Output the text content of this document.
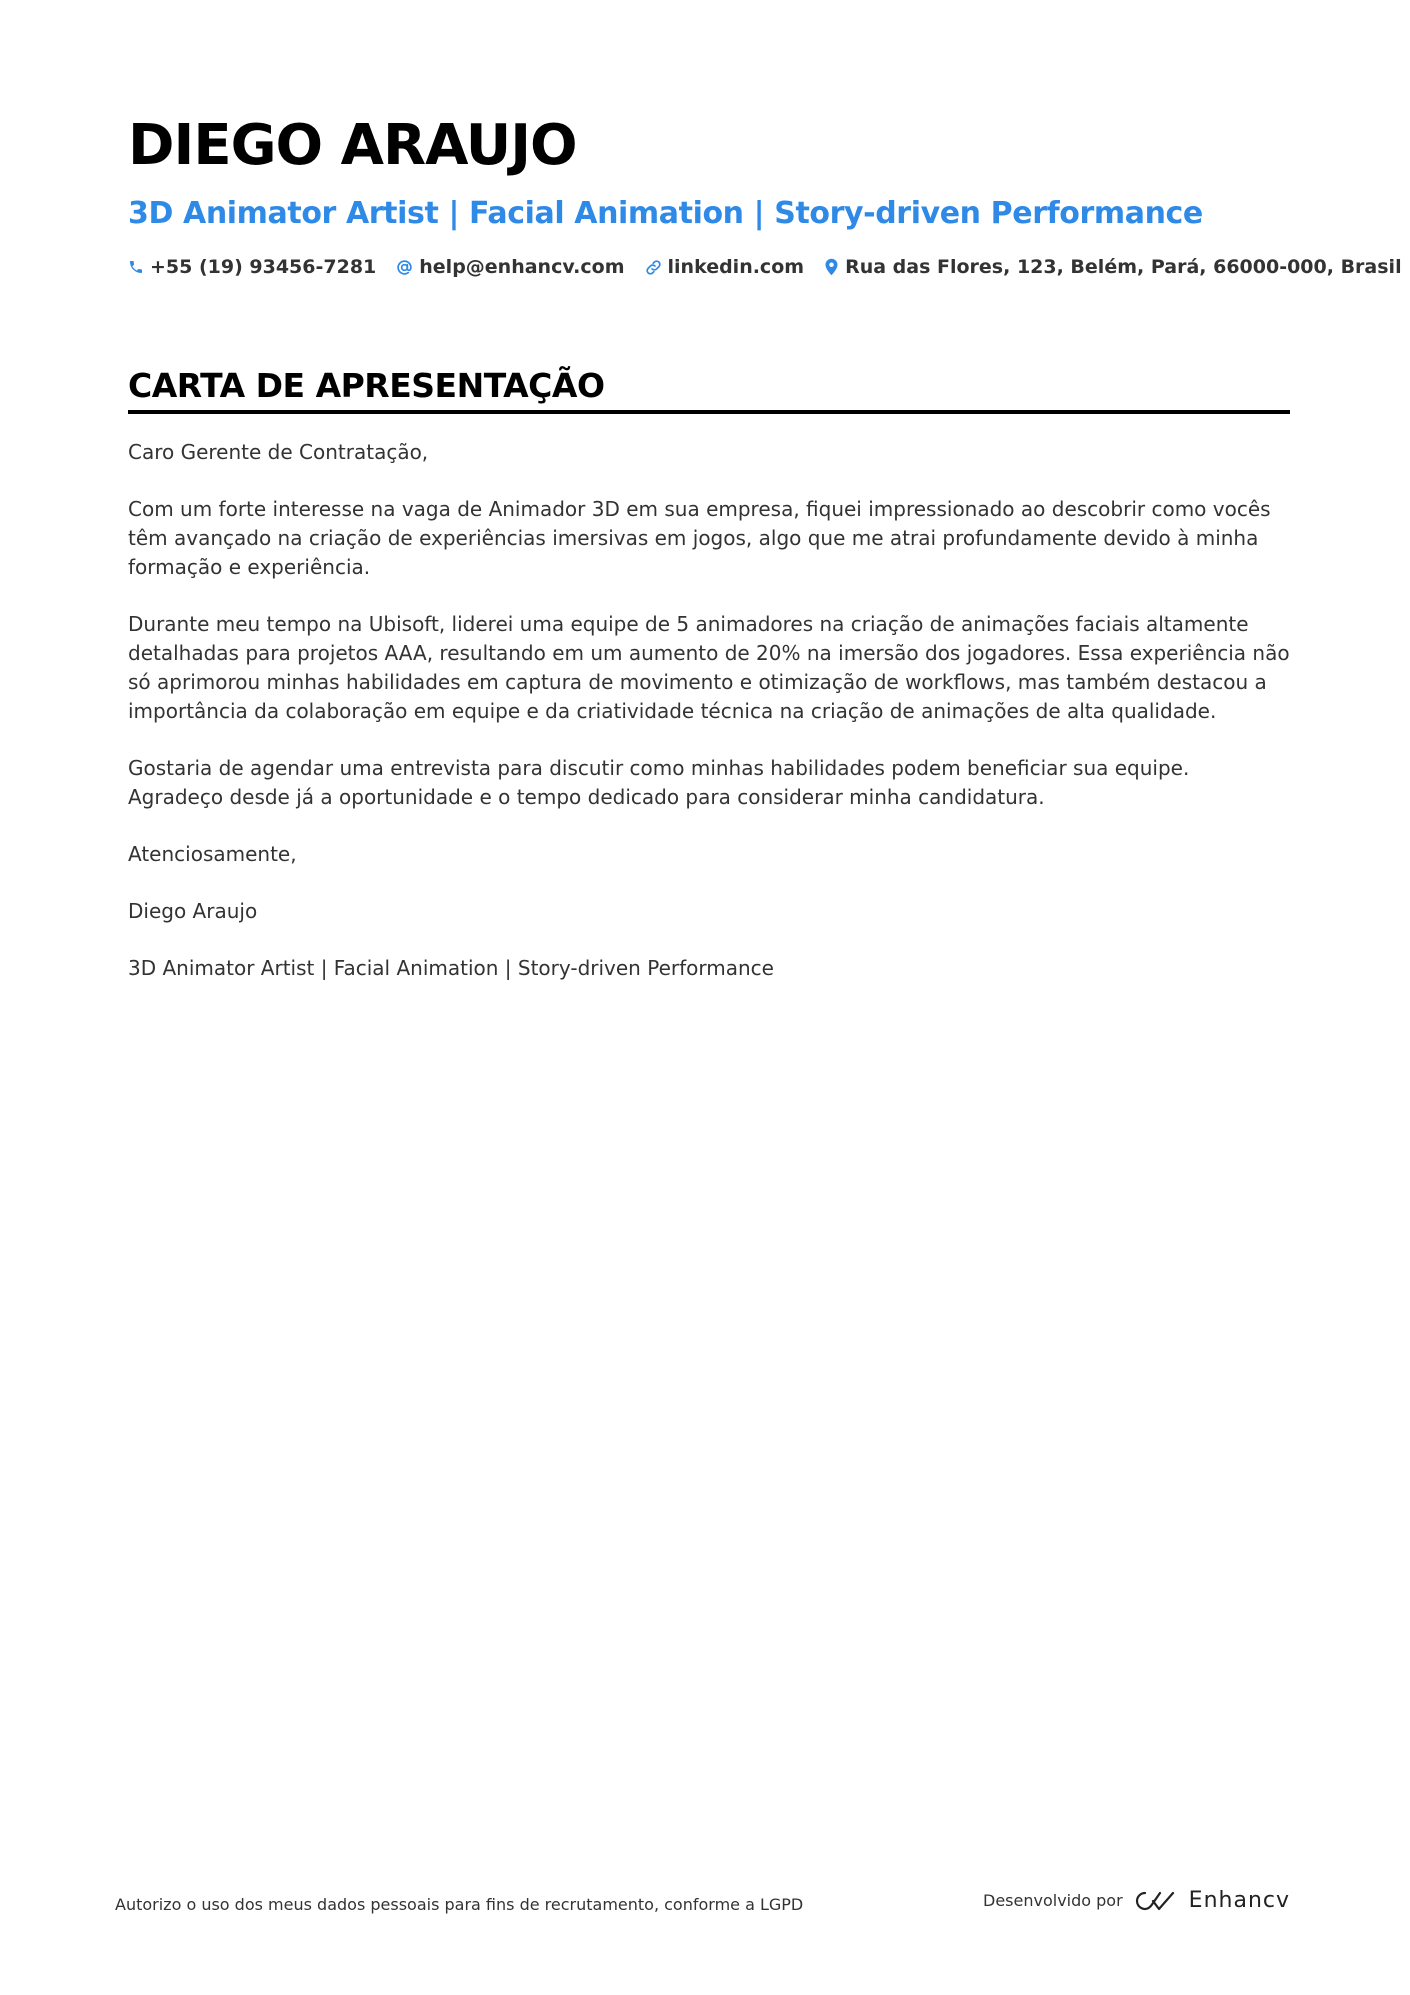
DIEGO ARAUJO
3D Animator Artist | Facial Animation | Story-driven Performance
+55 (19) 93456-7281 help@enhancv.com linkedin.com Rua das Flores, 123, Belém, Pará, 66000-000, Brasil
CARTA DE APRESENTAÇÃO

Caro Gerente de Contratação,

Com um forte interesse na vaga de Animador 3D em sua empresa, fiquei impressionado ao descobrir como vocês têm avançado na criação de experiências imersivas em jogos, algo que me atrai profundamente devido à minha formação e experiência.

Durante meu tempo na Ubisoft, liderei uma equipe de 5 animadores na criação de animações faciais altamente detalhadas para projetos AAA, resultando em um aumento de 20% na imersão dos jogadores. Essa experiência não só aprimorou minhas habilidades em captura de movimento e otimização de workflows, mas também destacou a importância da colaboração em equipe e da criatividade técnica na criação de animações de alta qualidade.

Gostaria de agendar uma entrevista para discutir como minhas habilidades podem beneficiar sua equipe. Agradeço desde já a oportunidade e o tempo dedicado para considerar minha candidatura.

Atenciosamente,

Diego Araujo

3D Animator Artist | Facial Animation | Story-driven Performance

Autorizo o uso dos meus dados pessoais para fins de recrutamento, conforme a LGPD	Desenvolvido por	Enhancv
